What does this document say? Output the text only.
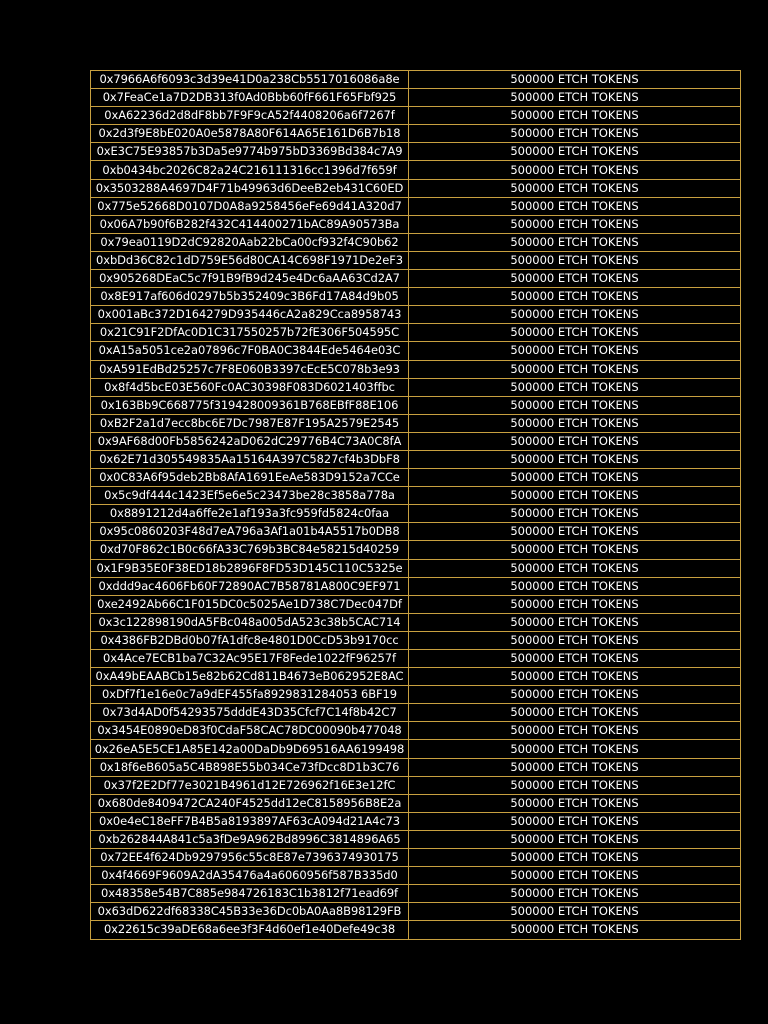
0x7966A6f6093c3d39e41D0a238Cb5517016086a8e	500000 ETCH TOKENS
0x7FeaCe1a7D2DB313f0Ad0Bbb60fF661F65Fbf925	500000 ETCH TOKENS
0xA62236d2d8dF8bb7F9F9cA52f4408206a6f7267f	500000 ETCH TOKENS
0x2d3f9E8bE020A0e5878A80F614A65E161D6B7b18	500000 ETCH TOKENS
0xE3C75E93857b3Da5e9774b975bD3369Bd384c7A9	500000 ETCH TOKENS
0xb0434bc2026C82a24C216111316cc1396d7f659f	500000 ETCH TOKENS
0x3503288A4697D4F71b49963d6DeeB2eb431C60ED	500000 ETCH TOKENS
0x775e52668D0107D0A8a9258456eFe69d41A320d7	500000 ETCH TOKENS
0x06A7b90f6B282f432C414400271bAC89A90573Ba	500000 ETCH TOKENS
0x79ea0119D2dC92820Aab22bCa00cf932f4C90b62	500000 ETCH TOKENS
0xbDd36C82c1dD759E56d80CA14C698F1971De2eF3	500000 ETCH TOKENS
0x905268DEaC5c7f91B9fB9d245e4Dc6aAA63Cd2A7	500000 ETCH TOKENS
0x8E917af606d0297b5b352409c3B6Fd17A84d9b05	500000 ETCH TOKENS
0x001aBc372D164279D935446cA2a829Cca8958743	500000 ETCH TOKENS
0x21C91F2DfAc0D1C317550257b72fE306F504595C	500000 ETCH TOKENS
0xA15a5051ce2a07896c7F0BA0C3844Ede5464e03C	500000 ETCH TOKENS
0xA591EdBd25257c7F8E060B3397cEcE5C078b3e93	500000 ETCH TOKENS
0x8f4d5bcE03E560Fc0AC30398F083D6021403ffbc	500000 ETCH TOKENS
0x163Bb9C668775f319428009361B768EBfF88E106	500000 ETCH TOKENS
0xB2F2a1d7ecc8bc6E7Dc7987E87F195A2579E2545	500000 ETCH TOKENS
0x9AF68d00Fb5856242aD062dC29776B4C73A0C8fA	500000 ETCH TOKENS
0x62E71d305549835Aa15164A397C5827cf4b3DbF8	500000 ETCH TOKENS
0x0C83A6f95deb2Bb8AfA1691EeAe583D9152a7CCe	500000 ETCH TOKENS
0x5c9df444c1423Ef5e6e5c23473be28c3858a778a	500000 ETCH TOKENS
0x8891212d4a6ffe2e1af193a3fc959fd5824c0faa	500000 ETCH TOKENS
0x95c0860203F48d7eA796a3Af1a01b4A5517b0DB8	500000 ETCH TOKENS
0xd70F862c1B0c66fA33C769b3BC84e58215d40259	500000 ETCH TOKENS
0x1F9B35E0F38ED18b2896F8FD53D145C110C5325e	500000 ETCH TOKENS
0xddd9ac4606Fb60F72890AC7B58781A800C9EF971	500000 ETCH TOKENS
0xe2492Ab66C1F015DC0c5025Ae1D738C7Dec047Df	500000 ETCH TOKENS
0x3c122898190dA5FBc048a005dA523c38b5CAC714	500000 ETCH TOKENS
0x4386FB2DBd0b07fA1dfc8e4801D0CcD53b9170cc	500000 ETCH TOKENS
0x4Ace7ECB1ba7C32Ac95E17F8Fede1022fF96257f	500000 ETCH TOKENS
0xA49bEAABCb15e82b62Cd811B4673eB062952E8AC	500000 ETCH TOKENS
0xDf7f1e16e0c7a9dEF455fa8929831284053 6BF19	500000 ETCH TOKENS
0x73d4AD0f54293575dddE43D35Cfcf7C14f8b42C7	500000 ETCH TOKENS
0x3454E0890eD83f0CdaF58CAC78DC00090b477048	500000 ETCH TOKENS
0x26eA5E5CE1A85E142a00DaDb9D69516AA6199498	500000 ETCH TOKENS
0x18f6eB605a5C4B898E55b034Ce73fDcc8D1b3C76	500000 ETCH TOKENS
0x37f2E2Df77e3021B4961d12E726962f16E3e12fC	500000 ETCH TOKENS
0x680de8409472CA240F4525dd12eC8158956B8E2a	500000 ETCH TOKENS
0x0e4eC18eFF7B4B5a8193897AF63cA094d21A4c73	500000 ETCH TOKENS
0xb262844A841c5a3fDe9A962Bd8996C3814896A65	500000 ETCH TOKENS
0x72EE4f624Db9297956c55c8E87e7396374930175	500000 ETCH TOKENS
0x4f4669F9609A2dA35476a4a6060956f587B335d0	500000 ETCH TOKENS
0x48358e54B7C885e984726183C1b3812f71ead69f	500000 ETCH TOKENS
0x63dD622df68338C45B33e36Dc0bA0Aa8B98129FB	500000 ETCH TOKENS
0x22615c39aDE68a6ee3f3F4d60ef1e40Defe49c38	500000 ETCH TOKENS
